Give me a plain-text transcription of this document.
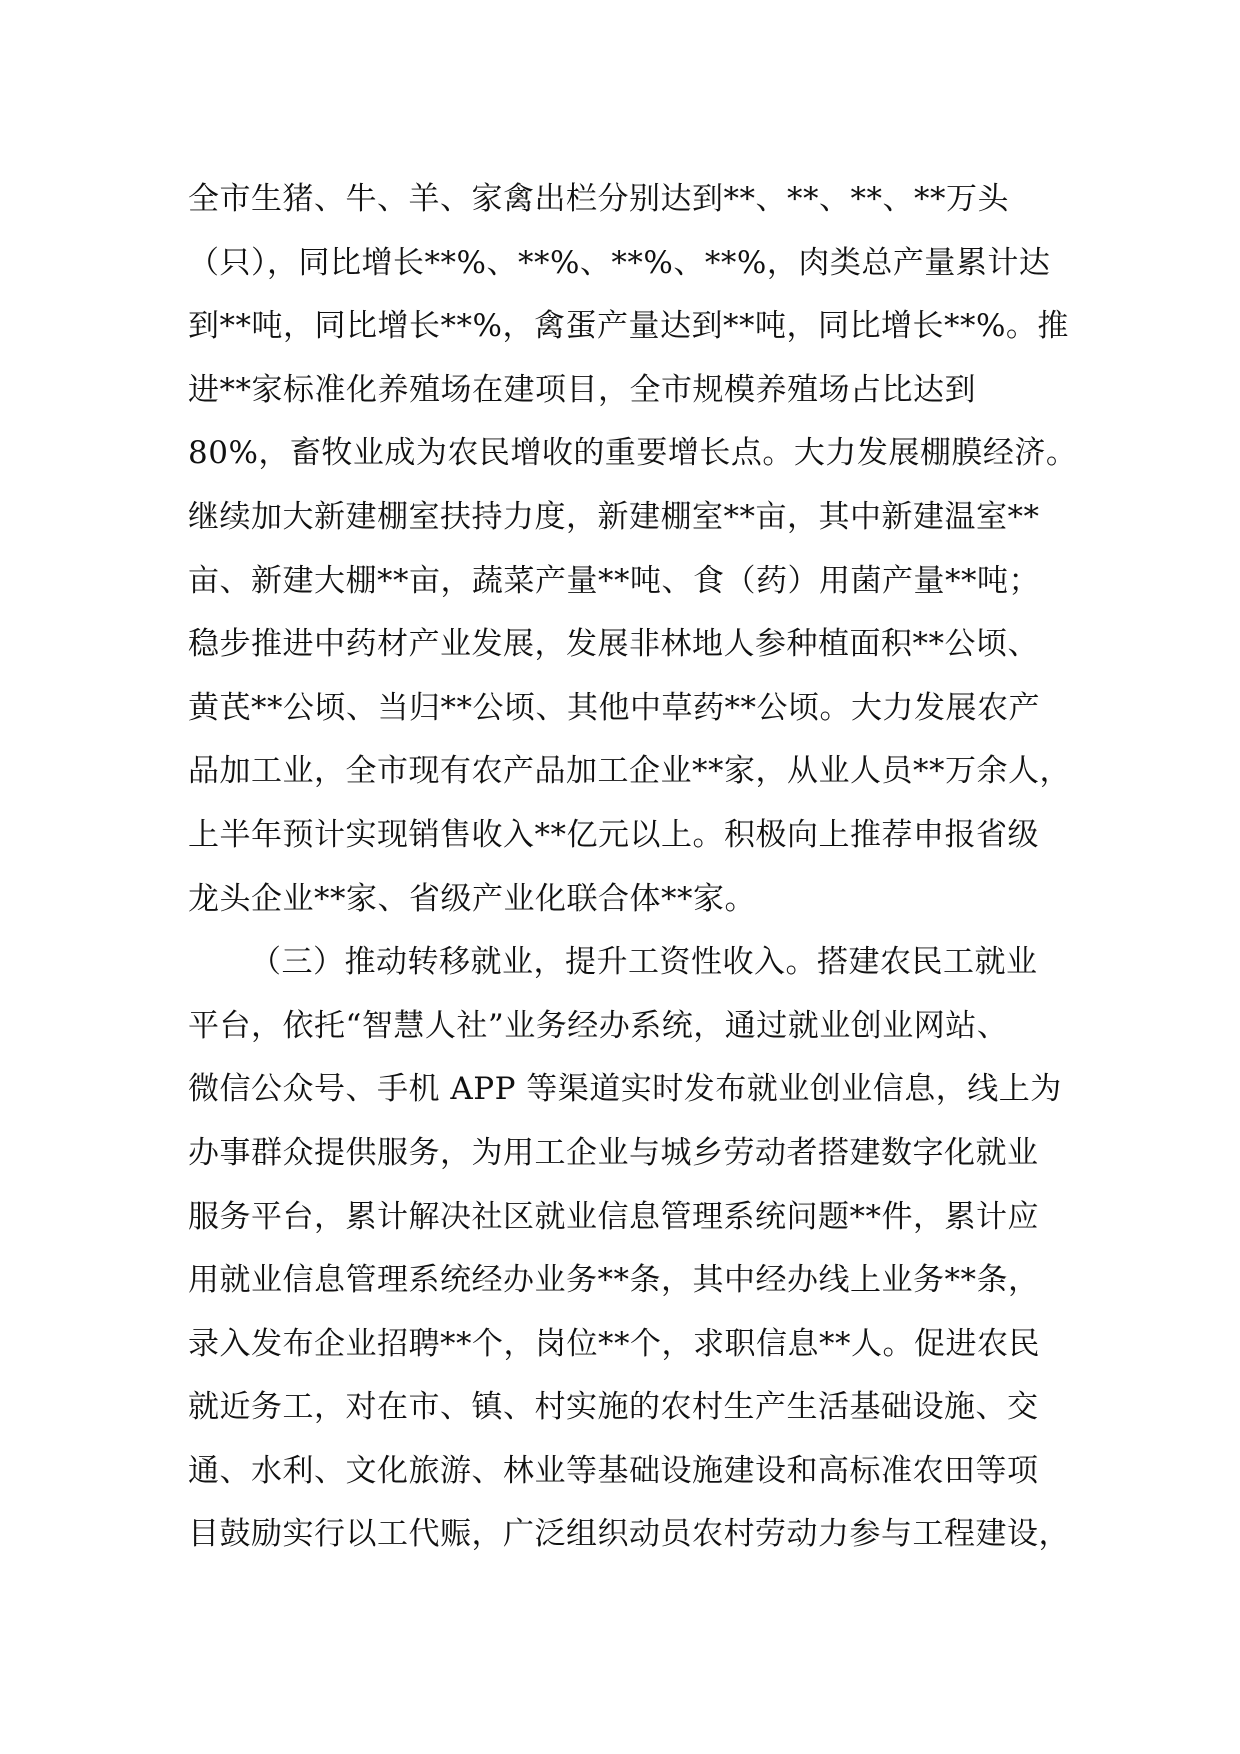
全市生猪、牛、羊、家禽出栏分别达到**、**、**、**万头
（只），同比增长**%、**%、**%、**%，肉类总产量累计达
到**吨，同比增长**%，禽蛋产量达到**吨，同比增长**%。推
进**家标准化养殖场在建项目，全市规模养殖场占比达到
80%，畜牧业成为农民增收的重要增长点。大力发展棚膜经济。
继续加大新建棚室扶持力度，新建棚室**亩，其中新建温室**
亩、新建大棚**亩，蔬菜产量**吨、食（药）用菌产量**吨；
稳步推进中药材产业发展，发展非林地人参种植面积**公顷、
黄芪**公顷、当归**公顷、其他中草药**公顷。大力发展农产
品加工业，全市现有农产品加工企业**家，从业人员**万余人，
上半年预计实现销售收入**亿元以上。积极向上推荐申报省级
龙头企业**家、省级产业化联合体**家。
（三）推动转移就业，提升工资性收入。搭建农民工就业
平台，依托“智慧人社”业务经办系统，通过就业创业网站、
微信公众号、手机 APP 等渠道实时发布就业创业信息，线上为
办事群众提供服务，为用工企业与城乡劳动者搭建数字化就业
服务平台，累计解决社区就业信息管理系统问题**件，累计应
用就业信息管理系统经办业务**条，其中经办线上业务**条，
录入发布企业招聘**个，岗位**个，求职信息**人。促进农民
就近务工，对在市、镇、村实施的农村生产生活基础设施、交
通、水利、文化旅游、林业等基础设施建设和高标准农田等项
目鼓励实行以工代赈，广泛组织动员农村劳动力参与工程建设，
